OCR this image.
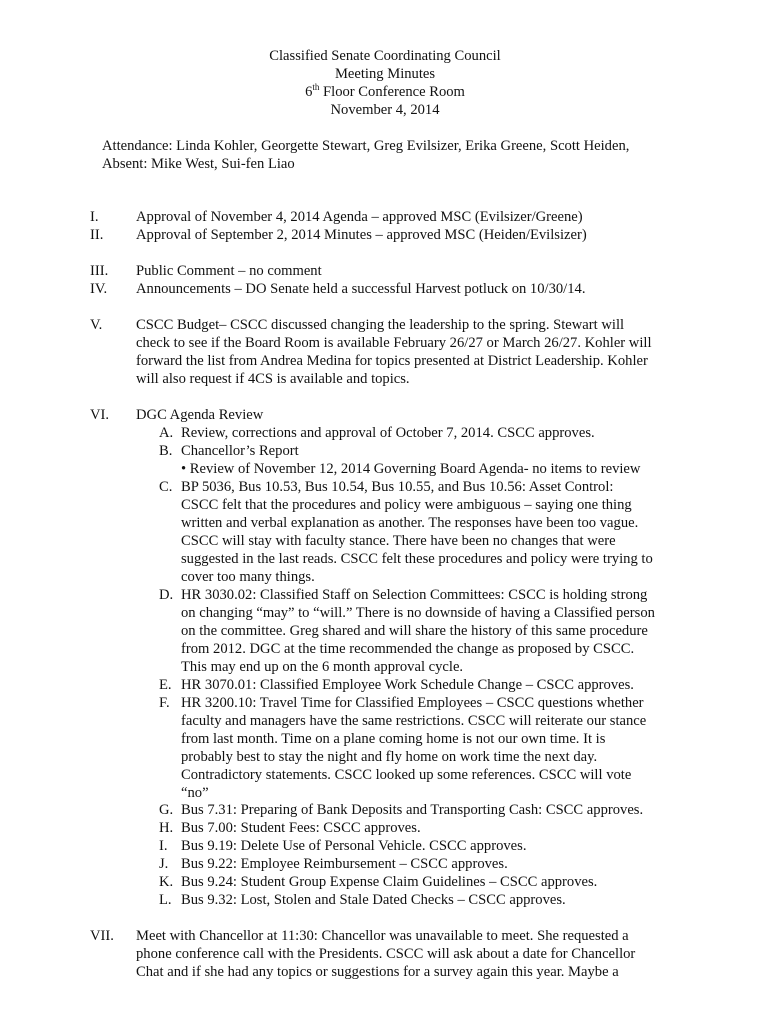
Classified Senate Coordinating Council
Meeting Minutes
6th Floor Conference Room
November 4, 2014
Attendance: Linda Kohler, Georgette Stewart, Greg Evilsizer, Erika Greene, Scott Heiden,
Absent: Mike West, Sui-fen Liao
I.	Approval of November 4, 2014 Agenda – approved MSC (Evilsizer/Greene)
II. Approval of September 2, 2014 Minutes – approved MSC (Heiden/Evilsizer)
III. Public Comment – no comment
IV. Announcements – DO Senate held a successful Harvest potluck on 10/30/14.
V. CSCC Budget– CSCC discussed changing the leadership to the spring. Stewart will
check to see if the Board Room is available February 26/27 or March 26/27. Kohler will
forward the list from Andrea Medina for topics presented at District Leadership. Kohler
will also request if 4CS is available and topics.
VI. DGC Agenda Review
A. Review, corrections and approval of October 7, 2014. CSCC approves.
B. Chancellor’s Report
• Review of November 12, 2014 Governing Board Agenda- no items to review
C. BP 5036, Bus 10.53, Bus 10.54, Bus 10.55, and Bus 10.56: Asset Control:
CSCC felt that the procedures and policy were ambiguous – saying one thing
written and verbal explanation as another. The responses have been too vague.
CSCC will stay with faculty stance. There have been no changes that were
suggested in the last reads. CSCC felt these procedures and policy were trying to
cover too many things.
D. HR 3030.02: Classified Staff on Selection Committees: CSCC is holding strong
on changing “may” to “will.” There is no downside of having a Classified person
on the committee. Greg shared and will share the history of this same procedure
from 2012. DGC at the time recommended the change as proposed by CSCC.
This may end up on the 6 month approval cycle.
E. HR 3070.01: Classified Employee Work Schedule Change – CSCC approves.
F. HR 3200.10: Travel Time for Classified Employees – CSCC questions whether
faculty and managers have the same restrictions. CSCC will reiterate our stance
from last month. Time on a plane coming home is not our own time. It is
probably best to stay the night and fly home on work time the next day.
Contradictory statements. CSCC looked up some references. CSCC will vote
“no”
G. Bus 7.31: Preparing of Bank Deposits and Transporting Cash: CSCC approves.
H. Bus 7.00: Student Fees: CSCC approves.
I. Bus 9.19: Delete Use of Personal Vehicle. CSCC approves.
J. Bus 9.22: Employee Reimbursement – CSCC approves.
K. Bus 9.24: Student Group Expense Claim Guidelines – CSCC approves.
L. Bus 9.32: Lost, Stolen and Stale Dated Checks – CSCC approves.
VII. Meet with Chancellor at 11:30: Chancellor was unavailable to meet. She requested a
phone conference call with the Presidents. CSCC will ask about a date for Chancellor
Chat and if she had any topics or suggestions for a survey again this year. Maybe a
